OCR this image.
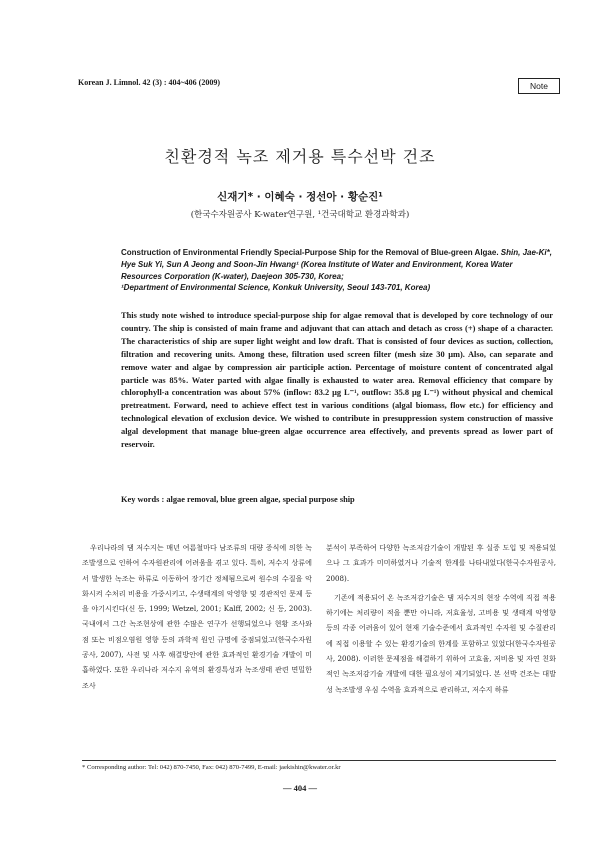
Korean J. Limnol. 42 (3) : 404~406 (2009)	Note
친환경적 녹조 제거용 특수선박 건조
신재기* · 이혜숙 · 정선아 · 황순진¹
(한국수자원공사 K-water연구원, ¹건국대학교 환경과학과)
Construction of Environmental Friendly Special-Purpose Ship for the Removal of Blue-green Algae. Shin, Jae-Ki*, Hye Suk Yi, Sun A Jeong and Soon-Jin Hwang¹ (Korea Institute of Water and Environment, Korea Water Resources Corporation (K-water), Daejeon 305-730, Korea;
¹Department of Environmental Science, Konkuk University, Seoul 143-701, Korea)
This study note wished to introduce special-purpose ship for algae removal that is developed by core technology of our country. The ship is consisted of main frame and adjuvant that can attach and detach as cross (+) shape of a character. The characteristics of ship are super light weight and low draft. That is consisted of four devices as suction, collection, filtration and recovering units. Among these, filtration used screen filter (mesh size 30 μm). Also, can separate and remove water and algae by compression air participle action. Percentage of moisture content of concentrated algal particle was 85%. Water parted with algae finally is exhausted to water area. Removal efficiency that compare by chlorophyll-a concentration was about 57% (inflow: 83.2 μg L⁻¹, outflow: 35.8 μg L⁻¹) without physical and chemical pretreatment. Forward, need to achieve effect test in various conditions (algal biomass, flow etc.) for efficiency and technological elevation of exclusion device. We wished to contribute in presuppression system construction of massive algal development that manage blue-green algae occurrence area effectively, and prevents spread as lower part of reservoir.
Key words : algae removal, blue green algae, special purpose ship

우리나라의 댐 저수지는 매년 여름철마다 남조류의 대량 증식에 의한 녹조발생으로 인하여 수자원관리에 어려움을 겪고 있다. 특히, 저수지 상류에서 발생한 녹조는 하류로 이동하여 장기간 정체됨으로써 원수의 수질을 악화시켜 수처리 비용을 가중시키고, 수생태계의 악영향 및 경관적인 문제 등을 야기시킨다(신 등, 1999; Wetzel, 2001; Kalff, 2002; 신 등, 2003). 국내에서 그간 녹조현상에 관한 수많은 연구가 선행되었으나 현황 조사와 점 또는 비점오염원 영향 등의 과학적 원인 규명에 중점되었고(한국수자원공사, 2007), 사전 및 사후 해결방안에 관한 효과적인 환경기술 개발이 미흡하였다. 또한 우리나라 저수지 유역의 환경특성과 녹조생태 관련 면밀한 조사

분석이 부족하여 다양한 녹조저감기술이 개발된 후 실증 도입 및 적용되었으나 그 효과가 미미하였거나 기술적 한계를 나타내었다(한국수자원공사, 2008).

기존에 적용되어 온 녹조저감기술은 댐 저수지의 현장 수역에 직접 적용하기에는 처리량이 적을 뿐만 아니라, 저효율성, 고비용 및 생태계 악영향 등의 각종 어려움이 있어 현재 기술수준에서 효과적인 수자원 및 수질관리에 직접 이용할 수 있는 환경기술의 한계를 포함하고 있었다(한국수자원공사, 2008). 이러한 문제점을 해결하기 위하여 고효율, 저비용 및 자연 친화적인 녹조저감기술 개발에 대한 필요성이 제기되었다. 본 선박 건조는 대발성 녹조발생 우심 수역을 효과적으로 관리하고, 저수지 하류

* Corresponding author: Tel: 042) 870-7450, Fax: 042) 870-7499, E-mail: jaekishin@kwater.or.kr
— 404 —
